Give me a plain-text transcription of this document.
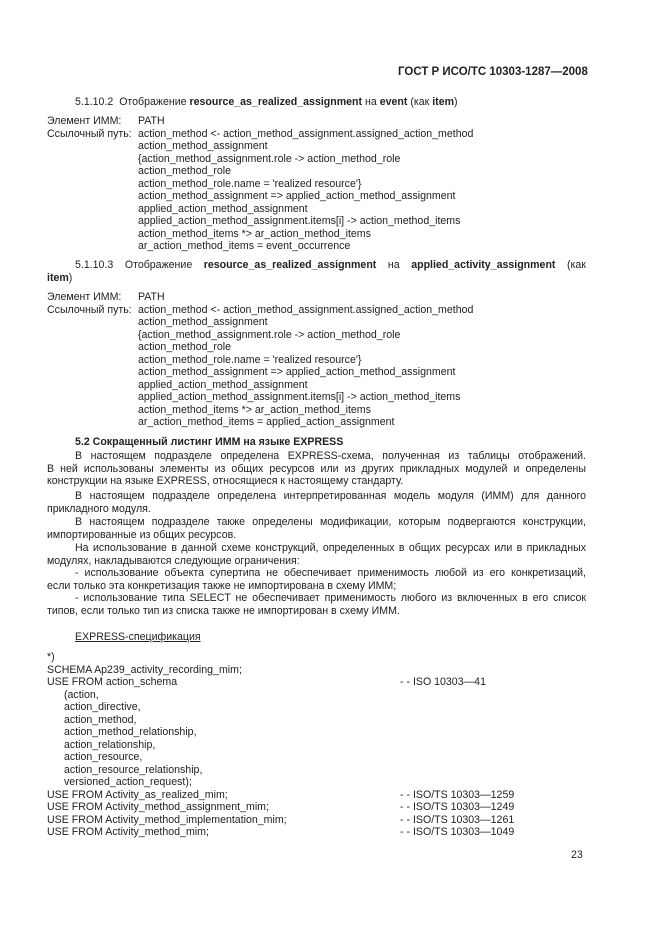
ГОСТ Р ИСО/ТС 10303-1287—2008
5.1.10.2 Отображение resource_as_realized_assignment на event (как item)
Элемент ИММ: PATH
Ссылочный путь: action_method <- action_method_assignment.assigned_action_method
action_method_assignment
{action_method_assignment.role -> action_method_role
action_method_role
action_method_role.name = 'realized resource'}
action_method_assignment => applied_action_method_assignment
applied_action_method_assignment
applied_action_method_assignment.items[i] -> action_method_items
action_method_items *> ar_action_method_items
ar_action_method_items = event_occurrence
5.1.10.3 Отображение resource_as_realized_assignment на applied_activity_assignment (как
item)
Элемент ИММ: PATH
Ссылочный путь: action_method <- action_method_assignment.assigned_action_method
action_method_assignment
{action_method_assignment.role -> action_method_role
action_method_role
action_method_role.name = 'realized resource'}
action_method_assignment => applied_action_method_assignment
applied_action_method_assignment
applied_action_method_assignment.items[i] -> action_method_items
action_method_items *> ar_action_method_items
ar_action_method_items = applied_action_assignment
5.2 Сокращенный листинг ИММ на языке EXPRESS
В настоящем подразделе определена EXPRESS-схема, полученная из таблицы отображений.
В ней использованы элементы из общих ресурсов или из других прикладных модулей и определены
конструкции на языке EXPRESS, относящиеся к настоящему стандарту.
В настоящем подразделе определена интерпретированная модель модуля (ИММ) для данного
прикладного модуля.
В настоящем подразделе также определены модификации, которым подвергаются конструкции,
импортированные из общих ресурсов.
На использование в данной схеме конструкций, определенных в общих ресурсах или в прикладных
модулях, накладываются следующие ограничения:
- использование объекта супертипа не обеспечивает применимость любой из его конкретизаций,
если только эта конкретизация также не импортирована в схему ИММ;
- использование типа SELECT не обеспечивает применимость любого из включенных в его список
типов, если только тип из списка также не импортирован в схему ИММ.
EXPRESS-спецификация
*)
SCHEMA Ap239_activity_recording_mim;
USE FROM action_schema	- - ISO 10303—41
(action,
action_directive,
action_method,
action_method_relationship,
action_relationship,
action_resource,
action_resource_relationship,
versioned_action_request);
USE FROM Activity_as_realized_mim;	- - ISO/TS 10303—1259
USE FROM Activity_method_assignment_mim;	- - ISO/TS 10303—1249
USE FROM Activity_method_implementation_mim;	- - ISO/TS 10303—1261
USE FROM Activity_method_mim;	- - ISO/TS 10303—1049
23
